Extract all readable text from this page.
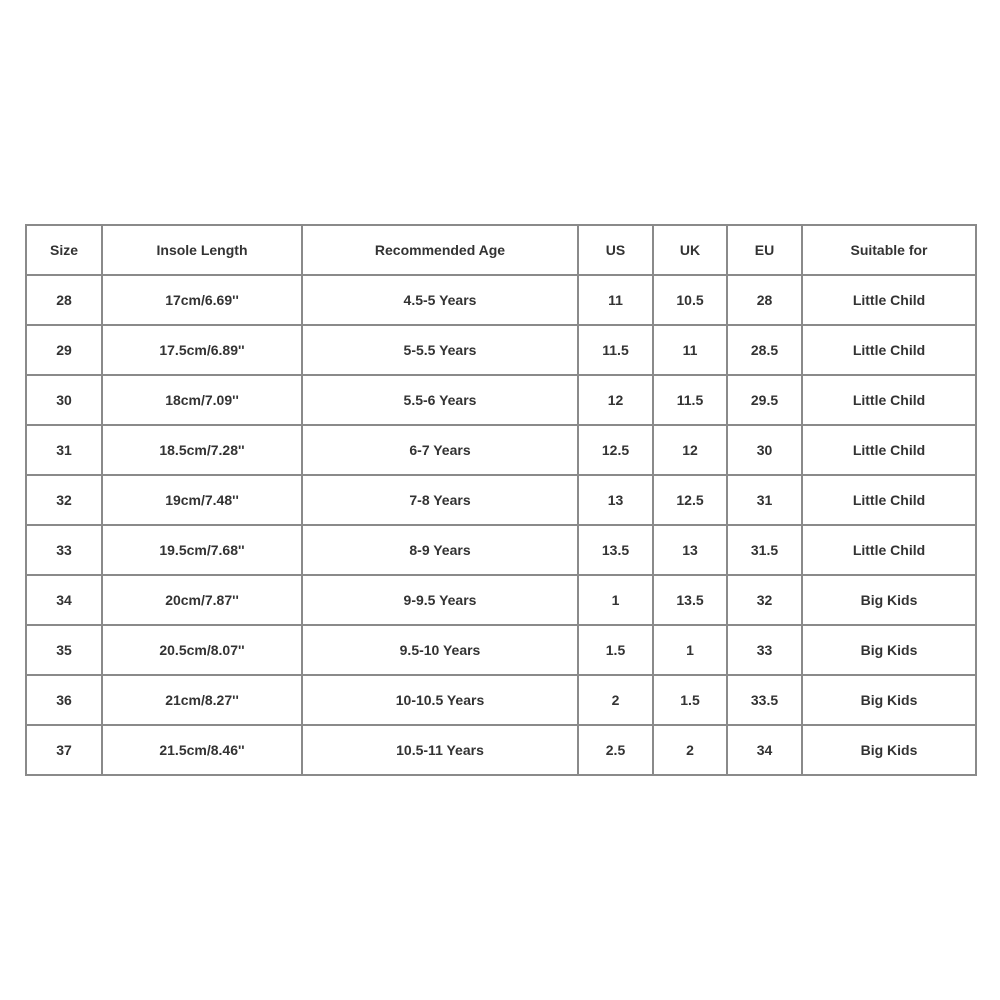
Size	Insole Length	Recommended Age	US	UK	EU	Suitable for
28	17cm/6.69''	4.5-5 Years	11	10.5	28	Little Child
29	17.5cm/6.89''	5-5.5 Years	11.5	11	28.5	Little Child
30	18cm/7.09''	5.5-6 Years	12	11.5	29.5	Little Child
31	18.5cm/7.28''	6-7 Years	12.5	12	30	Little Child
32	19cm/7.48''	7-8 Years	13	12.5	31	Little Child
33	19.5cm/7.68''	8-9 Years	13.5	13	31.5	Little Child
34	20cm/7.87''	9-9.5 Years	1	13.5	32	Big Kids
35	20.5cm/8.07''	9.5-10 Years	1.5	1	33	Big Kids
36	21cm/8.27''	10-10.5 Years	2	1.5	33.5	Big Kids
37	21.5cm/8.46''	10.5-11 Years	2.5	2	34	Big Kids
